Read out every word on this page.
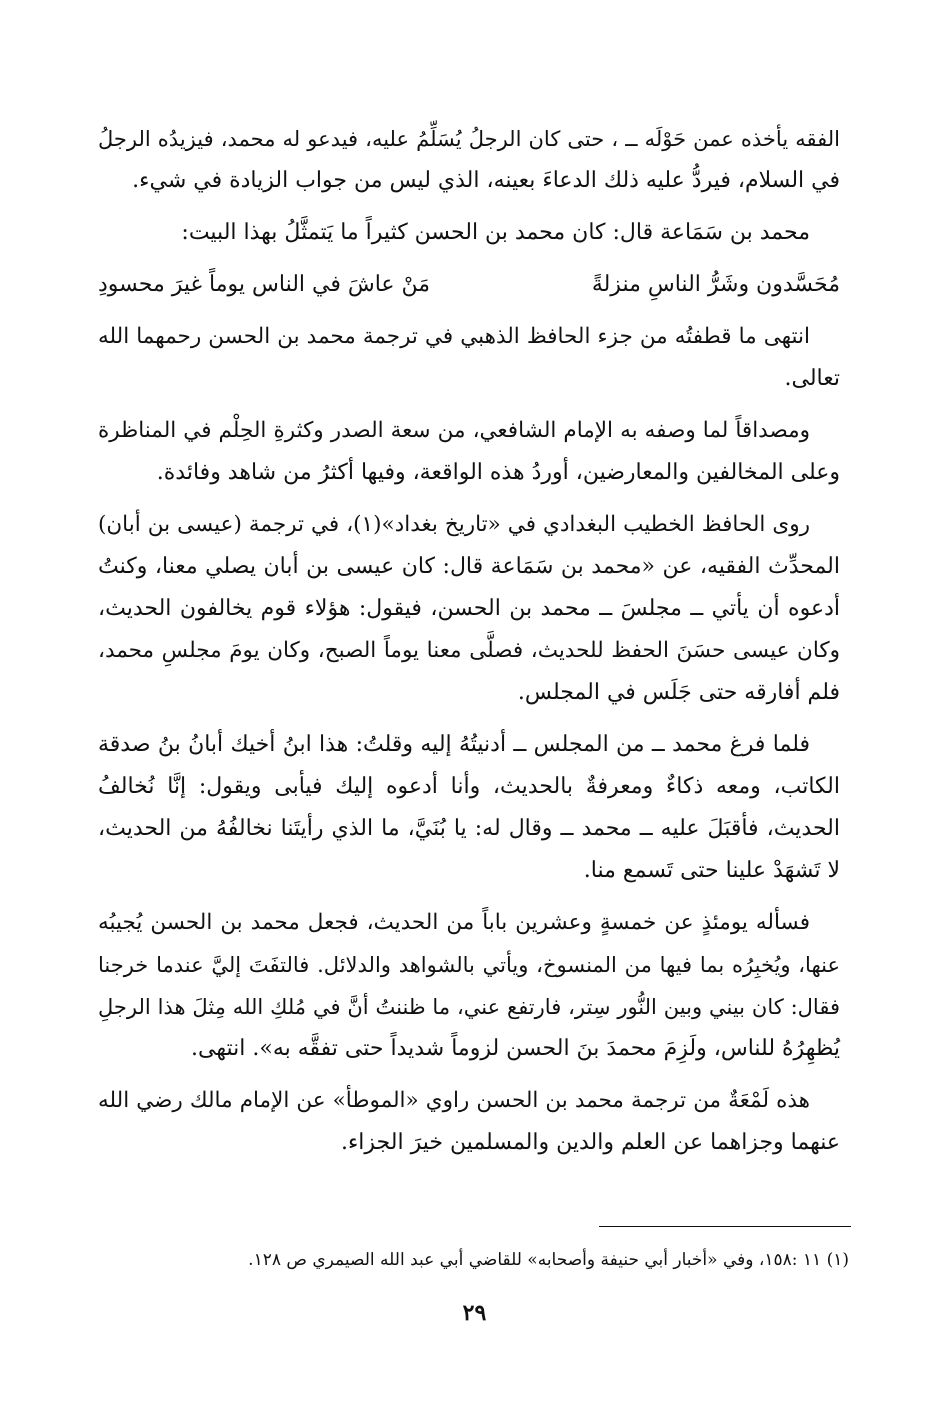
الفقه يأخذه عمن حَوْلَه ــ ، حتى كان الرجلُ يُسَلِّمُ عليه، فيدعو له محمد، فيزيدُه الرجلُ
في السلام، فيردُّ عليه ذلك الدعاءَ بعينه، الذي ليس من جواب الزيادة في شيء.

محمد بن سَمَاعة قال: كان محمد بن الحسن كثيراً ما يَتمثَّلُ بهذا البيت:

مُحَسَّدون وشَرُّ الناسِ منزلةً
مَنْ عاشَ في الناس يوماً غيرَ محسودِ

انتهى ما قطفتُه من جزء الحافظ الذهبي في ترجمة محمد بن الحسن رحمهما الله
تعالى.

ومصداقاً لما وصفه به الإمام الشافعي، من سعة الصدر وكثرةِ الحِلْم في المناظرة
وعلى المخالفين والمعارضين، أوردُ هذه الواقعة، وفيها أكثرُ من شاهد وفائدة.

روى الحافظ الخطيب البغدادي في «تاريخ بغداد»(١)، في ترجمة (عيسى بن أبان)
المحدِّث الفقيه، عن «محمد بن سَمَاعة قال: كان عيسى بن أبان يصلي معنا، وكنتُ
أدعوه أن يأتي ــ مجلسَ ــ محمد بن الحسن، فيقول: هؤلاء قوم يخالفون الحديث،
وكان عيسى حسَنَ الحفظ للحديث، فصلَّى معنا يوماً الصبح، وكان يومَ مجلسِ محمد،
فلم أفارقه حتى جَلَس في المجلس.

فلما فرغ محمد ــ من المجلس ــ أدنيتُهُ إليه وقلتُ: هذا ابنُ أخيك أبانُ بنُ صدقة
الكاتب، ومعه ذكاءٌ ومعرفةٌ بالحديث، وأنا أدعوه إليك فيأبى ويقول: إنَّا نُخالفُ
الحديث، فأقبَلَ عليه ــ محمد ــ وقال له: يا بُنَيَّ، ما الذي رأيتَنا نخالفُهُ من الحديث،
لا تَشهَدْ علينا حتى تَسمع منا.

فسأله يومئذٍ عن خمسةٍ وعشرين باباً من الحديث، فجعل محمد بن الحسن يُجيبُه
عنها، ويُخبِرُه بما فيها من المنسوخ، ويأتي بالشواهد والدلائل. فالتفَتَ إليَّ عندما خرجنا
فقال: كان بيني وبين النُّور سِتر، فارتفع عني، ما ظننتُ أنَّ في مُلكِ الله مِثلَ هذا الرجلِ
يُظهِرُهُ للناس، ولَزِمَ محمدَ بنَ الحسن لزوماً شديداً حتى تفقَّه به». انتهى.

هذه لَمْعَةٌ من ترجمة محمد بن الحسن راوي «الموطأ» عن الإمام مالك رضي الله
عنهما وجزاهما عن العلم والدين والمسلمين خيرَ الجزاء.

(١) ١١ :١٥٨، وفي «أخبار أبي حنيفة وأصحابه» للقاضي أبي عبد الله الصيمري ص ١٢٨.
٢٩
